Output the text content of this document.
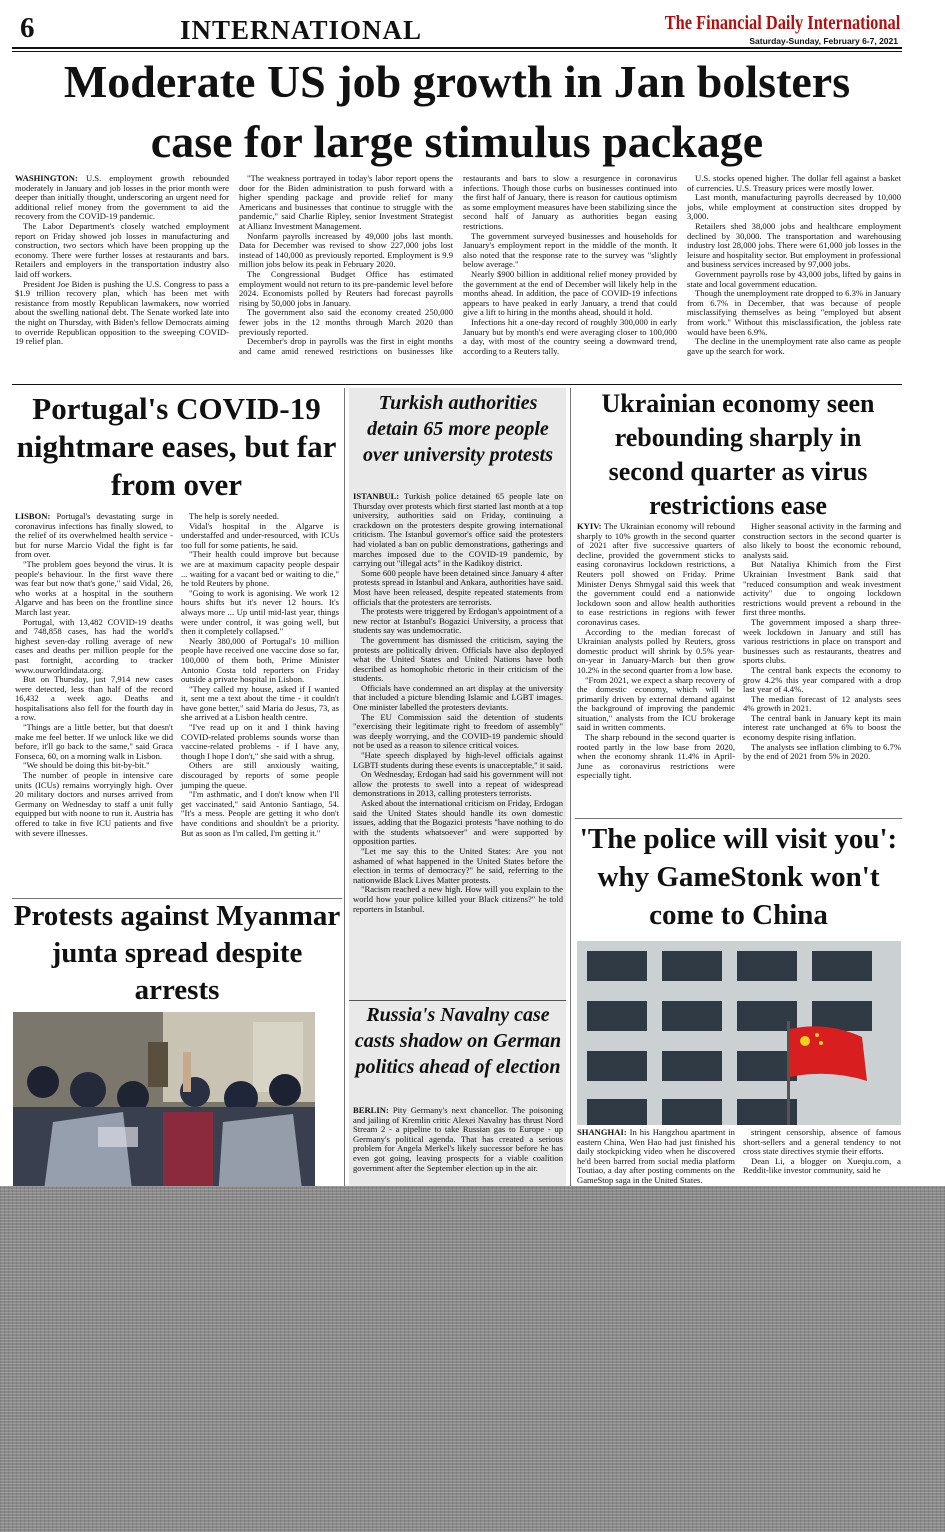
6	INTERNATIONAL	The Financial Daily International
Saturday-Sunday, February 6-7, 2021
Moderate US job growth in Jan bolsters
case for large stimulus package

WASHINGTON: U.S. employment growth rebounded moderately in January and job losses in the prior month were deeper than initially thought, underscoring an urgent need for additional relief money from the government to aid the recovery from the COVID-19 pandemic.

The Labor Department's closely watched employment report on Friday showed job losses in manufacturing and construction, two sectors which have been propping up the economy. There were further losses at restaurants and bars. Retailers and employers in the transportation industry also laid off workers.

President Joe Biden is pushing the U.S. Congress to pass a $1.9 trillion recovery plan, which has been met with resistance from mostly Republican lawmakers, now worried about the swelling national debt. The Senate worked late into the night on Thursday, with Biden's fellow Democrats aiming to override Republican opposition to the sweeping COVID-19 relief plan.

"The weakness portrayed in today's labor report opens the door for the Biden administration to push forward with a higher spending package and provide relief for many Americans and businesses that continue to struggle with the pandemic," said Charlie Ripley, senior Investment Strategist at Allianz Investment Management.

Nonfarm payrolls increased by 49,000 jobs last month. Data for December was revised to show 227,000 jobs lost instead of 140,000 as previously reported. Employment is 9.9 million jobs below its peak in February 2020.

The Congressional Budget Office has estimated employment would not return to its pre-pandemic level before 2024. Economists polled by Reuters had forecast payrolls rising by 50,000 jobs in January.

The government also said the economy created 250,000 fewer jobs in the 12 months through March 2020 than previously reported.

December's drop in payrolls was the first in eight months and came amid renewed restrictions on businesses like restaurants and bars to slow a resurgence in coronavirus infections. Though those curbs on businesses continued into the first half of January, there is reason for cautious optimism as some employment measures have been stabilizing since the second half of January as authorities began easing restrictions.

The government surveyed businesses and households for January's employment report in the middle of the month. It also noted that the response rate to the survey was "slightly below average."

Nearly $900 billion in additional relief money provided by the government at the end of December will likely help in the months ahead. In addition, the pace of COVID-19 infections appears to have peaked in early January, a trend that could give a lift to hiring in the months ahead, should it hold.

Infections hit a one-day record of roughly 300,000 in early January but by month's end were averaging closer to 100,000 a day, with most of the country seeing a downward trend, according to a Reuters tally.

U.S. stocks opened higher. The dollar fell against a basket of currencies. U.S. Treasury prices were mostly lower.

Last month, manufacturing payrolls decreased by 10,000 jobs, while employment at construction sites dropped by 3,000.

Retailers shed 38,000 jobs and healthcare employment declined by 30,000. The transportation and warehousing industry lost 28,000 jobs. There were 61,000 job losses in the leisure and hospitality sector. But employment in professional and business services increased by 97,000 jobs.

Government payrolls rose by 43,000 jobs, lifted by gains in state and local government education.

Though the unemployment rate dropped to 6.3% in January from 6.7% in December, that was because of people misclassifying themselves as being "employed but absent from work." Without this misclassification, the jobless rate would have been 6.9%.

The decline in the unemployment rate also came as people gave up the search for work.

Portugal's COVID-19 nightmare eases, but far from over

LISBON: Portugal's devastating surge in coronavirus infections has finally slowed, to the relief of its overwhelmed health service - but for nurse Marcio Vidal the fight is far from over.

"The problem goes beyond the virus. It is people's behaviour. In the first wave there was fear but now that's gone," said Vidal, 26, who works at a hospital in the southern Algarve and has been on the frontline since March last year.

Portugal, with 13,482 COVID-19 deaths and 748,858 cases, has had the world's highest seven-day rolling average of new cases and deaths per million people for the past fortnight, according to tracker www.ourworldindata.org.

But on Thursday, just 7,914 new cases were detected, less than half of the record 16,432 a week ago. Deaths and hospitalisations also fell for the fourth day in a row.

"Things are a little better, but that doesn't make me feel better. If we unlock like we did before, it'll go back to the same," said Graca Fonseca, 60, on a morning walk in Lisbon.

"We should be doing this bit-by-bit."

The number of people in intensive care units (ICUs) remains worryingly high. Over 20 military doctors and nurses arrived from Germany on Wednesday to staff a unit fully equipped but with noone to run it. Austria has offered to take in five ICU patients and five with severe illnesses.

The help is sorely needed.

Vidal's hospital in the Algarve is understaffed and under-resourced, with ICUs too full for some patients, he said.

"Their health could improve but because we are at maximum capacity people despair ... waiting for a vacant bed or waiting to die," he told Reuters by phone.

"Going to work is agonising. We work 12 hours shifts but it's never 12 hours. It's always more ... Up until mid-last year, things were under control, it was going well, but then it completely collapsed."

Nearly 380,000 of Portugal's 10 million people have received one vaccine dose so far, 100,000 of them both, Prime Minister Antonio Costa told reporters on Friday outside a private hospital in Lisbon.

"They called my house, asked if I wanted it, sent me a text about the time - it couldn't have gone better," said Maria do Jesus, 73, as she arrived at a Lisbon health centre.

"I've read up on it and I think having COVID-related problems sounds worse than vaccine-related problems - if I have any, though I hope I don't," she said with a shrug.

Others are still anxiously waiting, discouraged by reports of some people jumping the queue.

"I'm asthmatic, and I don't know when I'll get vaccinated," said Antonio Santiago, 54. "It's a mess. People are getting it who don't have conditions and shouldn't be a priority. But as soon as I'm called, I'm getting it."

Turkish authorities detain 65 more people over university protests

ISTANBUL: Turkish police detained 65 people late on Thursday over protests which first started last month at a top university, authorities said on Friday, continuing a crackdown on the protesters despite growing international criticism. The Istanbul governor's office said the protesters had violated a ban on public demonstrations, gatherings and marches imposed due to the COVID-19 pandemic, by carrying out "illegal acts" in the Kadikoy district.

Some 600 people have been detained since January 4 after protests spread in Istanbul and Ankara, authorities have said. Most have been released, despite repeated statements from officials that the protesters are terrorists.

The protests were triggered by Erdogan's appointment of a new rector at Istanbul's Bogazici University, a process that students say was undemocratic.

The government has dismissed the criticism, saying the protests are politically driven. Officials have also deployed what the United States and United Nations have both described as homophobic rhetoric in their criticism of the students.

Officials have condemned an art display at the university that included a picture blending Islamic and LGBT images. One minister labelled the protesters deviants.

The EU Commission said the detention of students "exercising their legitimate right to freedom of assembly" was deeply worrying, and the COVID-19 pandemic should not be used as a reason to silence critical voices.

"Hate speech displayed by high-level officials against LGBTI students during these events is unacceptable," it said.

On Wednesday, Erdogan had said his government will not allow the protests to swell into a repeat of widespread demonstrations in 2013, calling protesters terrorists.

Asked about the international criticism on Friday, Erdogan said the United States should handle its own domestic issues, adding that the Bogazici protests "have nothing to do with the students whatsoever" and were supported by opposition parties.

"Let me say this to the United States: Are you not ashamed of what happened in the United States before the election in terms of democracy?" he said, referring to the nationwide Black Lives Matter protests.

"Racism reached a new high. How will you explain to the world how your police killed your Black citizens?" he told reporters in Istanbul.

Russia's Navalny case casts shadow on German politics ahead of election

BERLIN: Pity Germany's next chancellor. The poisoning and jailing of Kremlin critic Alexei Navalny has thrust Nord Stream 2 - a pipeline to take Russian gas to Europe - up Germany's political agenda. That has created a serious problem for Angela Merkel's likely successor before he has even got going, leaving prospects for a viable coalition government after the September election up in the air.

Ukrainian economy seen rebounding sharply in second quarter as virus restrictions ease

KYIV: The Ukrainian economy will rebound sharply to 10% growth in the second quarter of 2021 after five successive quarters of decline, provided the government sticks to easing coronavirus lockdown restrictions, a Reuters poll showed on Friday. Prime Minister Denys Shmygal said this week that the government could end a nationwide lockdown soon and allow health authorities to ease restrictions in regions with fewer coronavirus cases.

According to the median forecast of Ukrainian analysts polled by Reuters, gross domestic product will shrink by 0.5% year-on-year in January-March but then grow 10.2% in the second quarter from a low base.

"From 2021, we expect a sharp recovery of the domestic economy, which will be primarily driven by external demand against the background of improving the pandemic situation," analysts from the ICU brokerage said in written comments.

The sharp rebound in the second quarter is rooted partly in the low base from 2020, when the economy shrank 11.4% in April-June as coronavirus restrictions were especially tight.

Higher seasonal activity in the farming and construction sectors in the second quarter is also likely to boost the economic rebound, analysts said.

But Nataliya Khimich from the First Ukrainian Investment Bank said that "reduced consumption and weak investment activity" due to ongoing lockdown restrictions would prevent a rebound in the first three months.

The government imposed a sharp three-week lockdown in January and still has various restrictions in place on transport and businesses such as restaurants, theatres and sports clubs.

The central bank expects the economy to grow 4.2% this year compared with a drop last year of 4.4%.

The median forecast of 12 analysts sees 4% growth in 2021.

The central bank in January kept its main interest rate unchanged at 6% to boost the economy despite rising inflation.

The analysts see inflation climbing to 6.7% by the end of 2021 from 5% in 2020.

Protests against Myanmar junta spread despite arrests
'The police will visit you': why GameStonk won't come to China

SHANGHAI: In his Hangzhou apartment in eastern China, Wen Hao had just finished his daily stockpicking video when he discovered he'd been barred from social media platform Toutiao, a day after posting comments on the GameStop saga in the United States.

stringent censorship, absence of famous short-sellers and a general tendency to not cross state directives stymie their efforts.

Dean Li, a blogger on Xueqiu.com, a Reddit-like investor community, said he
